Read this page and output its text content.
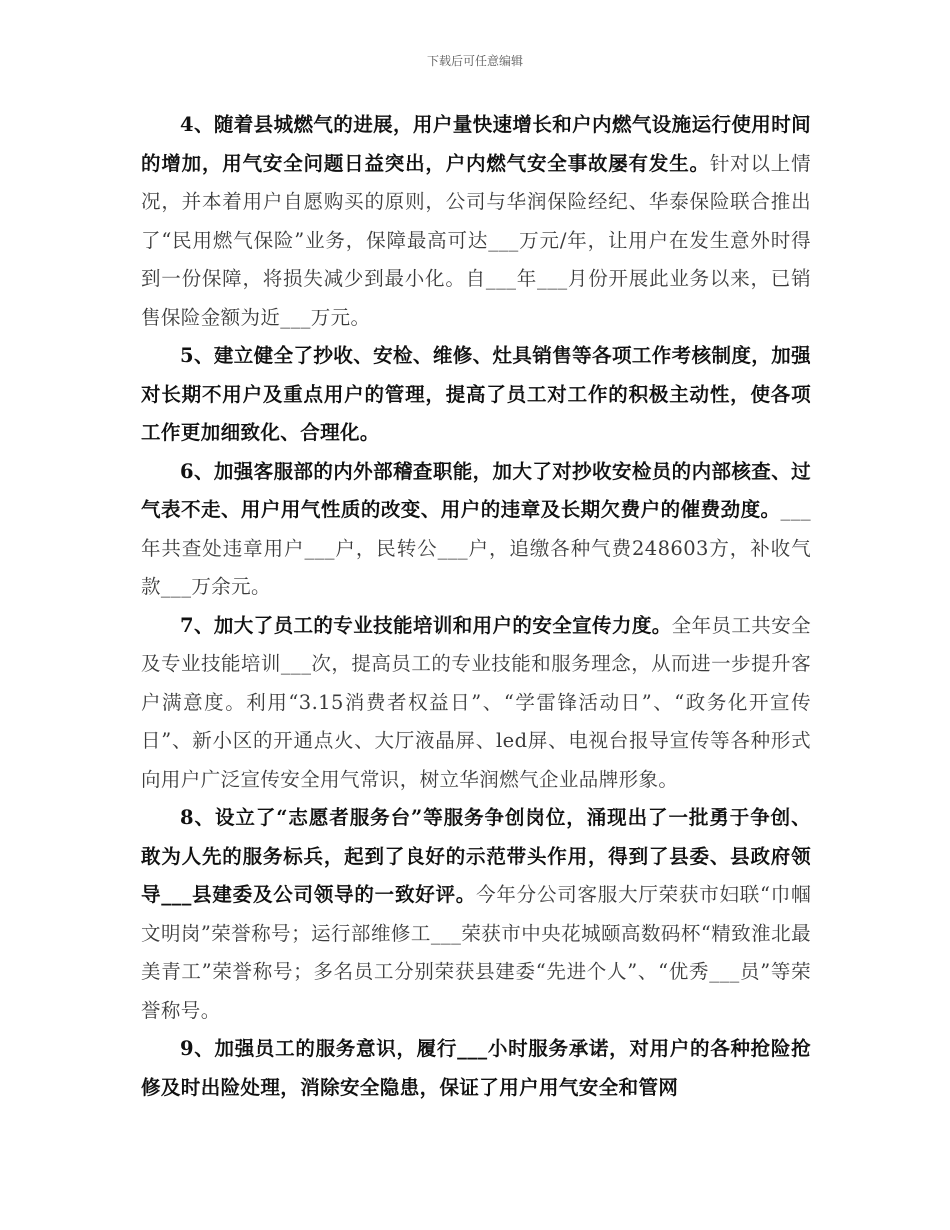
下载后可任意编辑

4、随着县城燃气的进展，用户量快速增长和户内燃气设施运行使用时间的增加，用气安全问题日益突出，户内燃气安全事故屡有发生。针对以上情况，并本着用户自愿购买的原则，公司与华润保险经纪、华泰保险联合推出了“民用燃气保险”业务，保障最高可达___万元/年，让用户在发生意外时得到一份保障，将损失减少到最小化。自___年___月份开展此业务以来，已销售保险金额为近___万元。

5、建立健全了抄收、安检、维修、灶具销售等各项工作考核制度，加强对长期不用户及重点用户的管理，提高了员工对工作的积极主动性，使各项工作更加细致化、合理化。

6、加强客服部的内外部稽查职能，加大了对抄收安检员的内部核查、过气表不走、用户用气性质的改变、用户的违章及长期欠费户的催费劲度。___年共查处违章用户___户，民转公___户，追缴各种气费248603方，补收气款___万余元。

7、加大了员工的专业技能培训和用户的安全宣传力度。全年员工共安全及专业技能培训___次，提高员工的专业技能和服务理念，从而进一步提升客户满意度。利用“3.15消费者权益日”、“学雷锋活动日”、“政务化开宣传日”、新小区的开通点火、大厅液晶屏、led屏、电视台报导宣传等各种形式向用户广泛宣传安全用气常识，树立华润燃气企业品牌形象。

8、设立了“志愿者服务台”等服务争创岗位，涌现出了一批勇于争创、敢为人先的服务标兵，起到了良好的示范带头作用，得到了县委、县政府领导___县建委及公司领导的一致好评。今年分公司客服大厅荣获市妇联“巾帼文明岗”荣誉称号；运行部维修工___荣获市中央花城颐高数码杯“精致淮北最美青工”荣誉称号；多名员工分别荣获县建委“先进个人”、“优秀___员”等荣誉称号。

9、加强员工的服务意识，履行___小时服务承诺，对用户的各种抢险抢修及时出险处理，消除安全隐患，保证了用户用气安全和管网
